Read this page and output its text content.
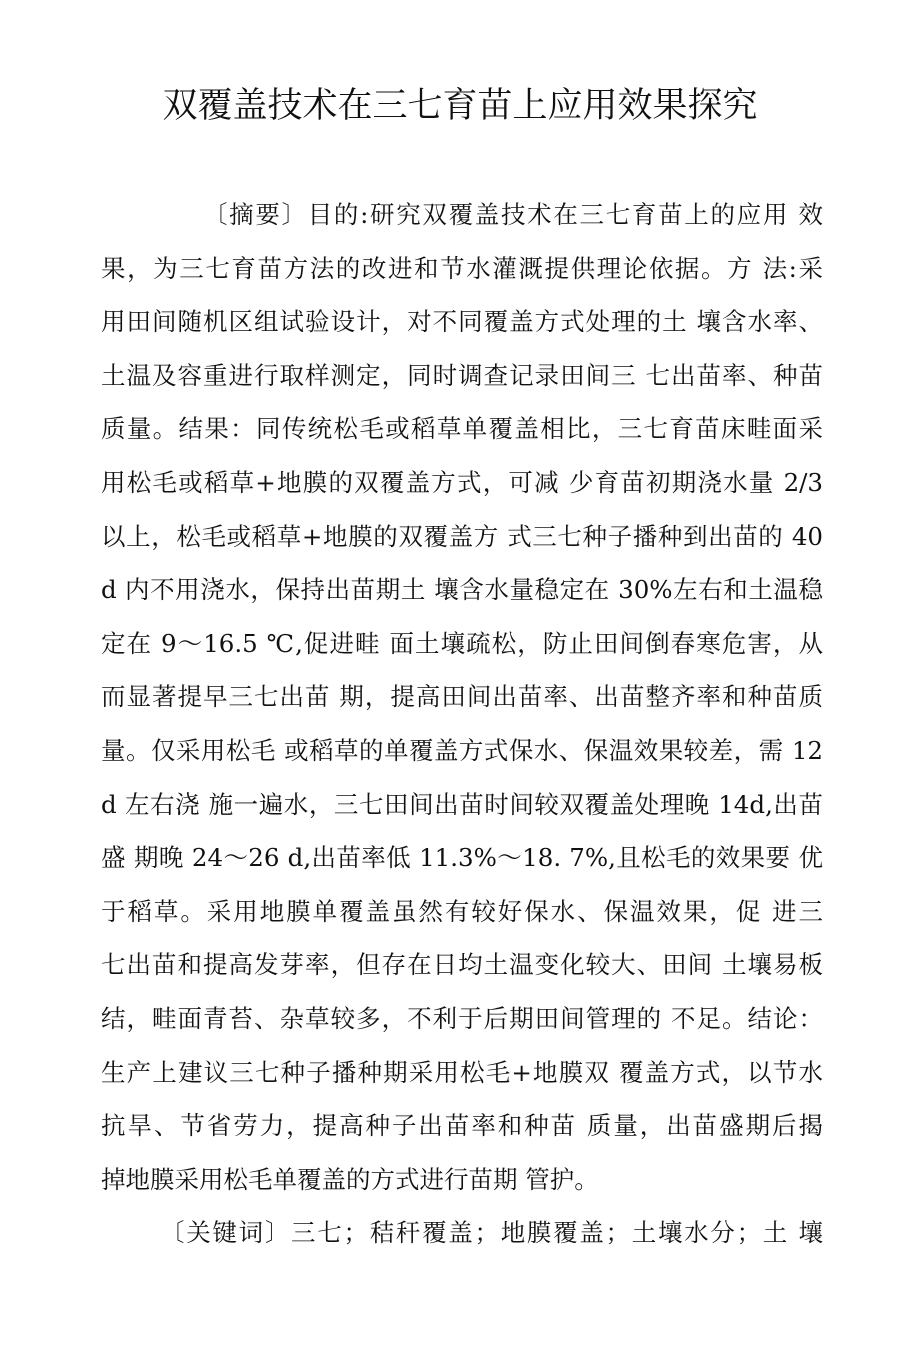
双覆盖技术在三七育苗上应用效果探究
〔摘要〕目的:研究双覆盖技术在三七育苗上的应用 效
果，为三七育苗方法的改进和节水灌溉提供理论依据。方 法:采
用田间随机区组试验设计，对不同覆盖方式处理的土 壤含水率、
土温及容重进行取样测定，同时调查记录田间三 七出苗率、种苗
质量。结果：同传统松毛或稻草单覆盖相比，三七育苗床畦面采
用松毛或稻草+地膜的双覆盖方式，可减 少育苗初期浇水量 2/3
以上，松毛或稻草+地膜的双覆盖方 式三七种子播种到出苗的 40
d 内不用浇水，保持出苗期土 壤含水量稳定在 30%左右和土温稳
定在 9～16.5 ℃,促进畦 面土壤疏松，防止田间倒春寒危害，从
而显著提早三七出苗 期，提高田间出苗率、出苗整齐率和种苗质
量。仅采用松毛 或稻草的单覆盖方式保水、保温效果较差，需 12
d 左右浇 施一遍水，三七田间出苗时间较双覆盖处理晚 14d,出苗
盛 期晚 24～26 d,出苗率低 11.3%～18. 7%,且松毛的效果要 优
于稻草。采用地膜单覆盖虽然有较好保水、保温效果，促 进三
七出苗和提高发芽率，但存在日均土温变化较大、田间 土壤易板
结，畦面青苔、杂草较多，不利于后期田间管理的 不足。结论：
生产上建议三七种子播种期采用松毛+地膜双 覆盖方式，以节水
抗旱、节省劳力，提高种子出苗率和种苗 质量，出苗盛期后揭
掉地膜采用松毛单覆盖的方式进行苗期 管护。
〔关键词〕三七；秸秆覆盖；地膜覆盖；土壤水分；土 壤
